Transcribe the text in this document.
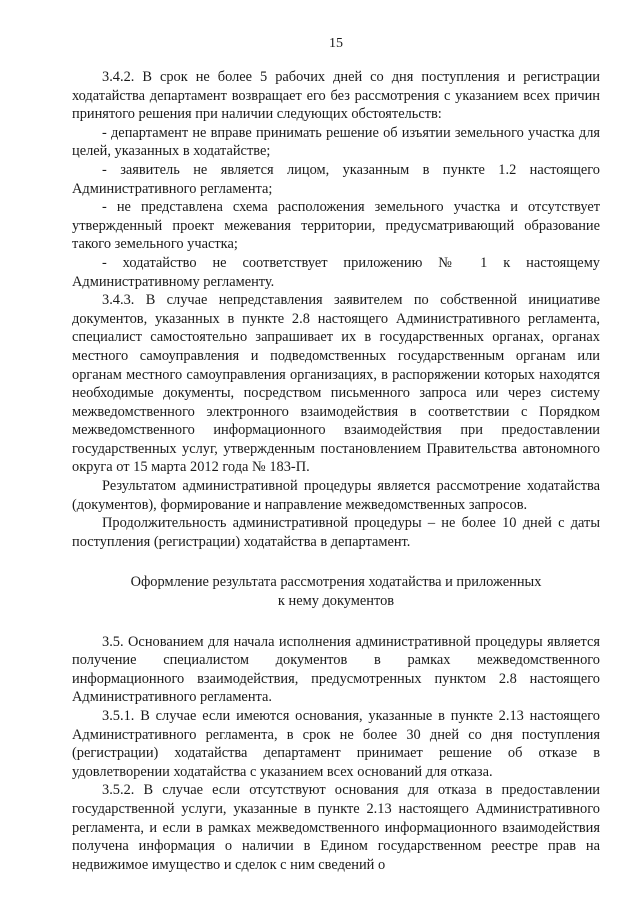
15

3.4.2. В срок не более 5 рабочих дней со дня поступления и регистрации ходатайства департамент возвращает его без рассмотрения с указанием всех причин принятого решения при наличии следующих обстоятельств:

- департамент не вправе принимать решение об изъятии земельного участка для целей, указанных в ходатайстве;

- заявитель не является лицом, указанным в пункте 1.2 настоящего Административного регламента;

- не представлена схема расположения земельного участка и отсутствует утвержденный проект межевания территории, предусматривающий образование такого земельного участка;

- ходатайство не соответствует приложению № 1 к настоящему Административному регламенту.

3.4.3. В случае непредставления заявителем по собственной инициативе документов, указанных в пункте 2.8 настоящего Административного регламента, специалист самостоятельно запрашивает их в государственных органах, органах местного самоуправления и подведомственных государственным органам или органам местного самоуправления организациях, в распоряжении которых находятся необходимые документы, посредством письменного запроса или через систему межведомственного электронного взаимодействия в соответствии с Порядком межведомственного информационного взаимодействия при предоставлении государственных услуг, утвержденным постановлением Правительства автономного округа от 15 марта 2012 года № 183-П.

Результатом административной процедуры является рассмотрение ходатайства (документов), формирование и направление межведомственных запросов.

Продолжительность административной процедуры – не более 10 дней с даты поступления (регистрации) ходатайства в департамент.

Оформление результата рассмотрения ходатайства и приложенных
к нему документов

3.5. Основанием для начала исполнения административной процедуры является получение специалистом документов в рамках межведомственного информационного взаимодействия, предусмотренных пунктом 2.8 настоящего Административного регламента.

3.5.1. В случае если имеются основания, указанные в пункте 2.13 настоящего Административного регламента, в срок не более 30 дней со дня поступления (регистрации) ходатайства департамент принимает решение об отказе в удовлетворении ходатайства с указанием всех оснований для отказа.

3.5.2. В случае если отсутствуют основания для отказа в предоставлении государственной услуги, указанные в пункте 2.13 настоящего Административного регламента, и если в рамках межведомственного информационного взаимодействия получена информация о наличии в Едином государственном реестре прав на недвижимое имущество и сделок с ним сведений о
